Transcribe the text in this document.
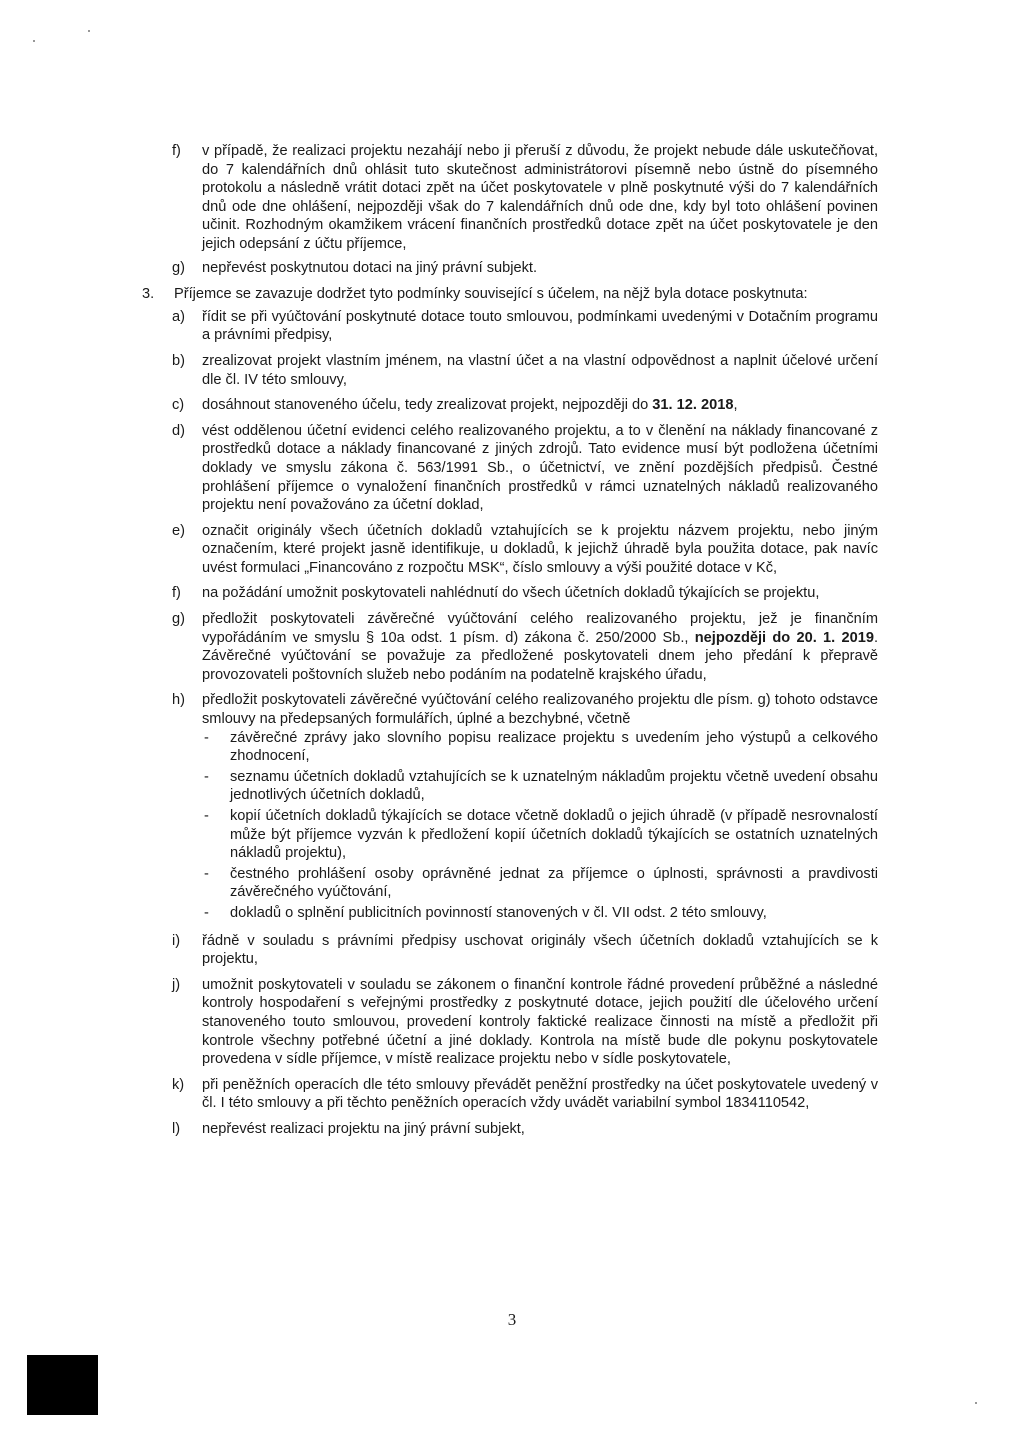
f)	v případě, že realizaci projektu nezahájí nebo ji přeruší z důvodu, že projekt nebude dále uskutečňovat, do 7 kalendářních dnů ohlásit tuto skutečnost administrátorovi písemně nebo ústně do písemného protokolu a následně vrátit dotaci zpět na účet poskytovatele v plně poskytnuté výši do 7 kalendářních dnů ode dne ohlášení, nejpozději však do 7 kalendářních dnů ode dne, kdy byl toto ohlášení povinen učinit. Rozhodným okamžikem vrácení finančních prostředků dotace zpět na účet poskytovatele je den jejich odepsání z účtu příjemce,
g)	nepřevést poskytnutou dotaci na jiný právní subjekt.
3.	Příjemce se zavazuje dodržet tyto podmínky související s účelem, na nějž byla dotace poskytnuta:
a)	řídit se při vyúčtování poskytnuté dotace touto smlouvou, podmínkami uvedenými v Dotačním programu a právními předpisy,
b)	zrealizovat projekt vlastním jménem, na vlastní účet a na vlastní odpovědnost a naplnit účelové určení dle čl. IV této smlouvy,
c)	dosáhnout stanoveného účelu, tedy zrealizovat projekt, nejpozději do 31. 12. 2018,
d)	vést oddělenou účetní evidenci celého realizovaného projektu, a to v členění na náklady financované z prostředků dotace a náklady financované z jiných zdrojů. Tato evidence musí být podložena účetními doklady ve smyslu zákona č. 563/1991 Sb., o účetnictví, ve znění pozdějších předpisů. Čestné prohlášení příjemce o vynaložení finančních prostředků v rámci uznatelných nákladů realizovaného projektu není považováno za účetní doklad,
e)	označit originály všech účetních dokladů vztahujících se k projektu názvem projektu, nebo jiným označením, které projekt jasně identifikuje, u dokladů, k jejichž úhradě byla použita dotace, pak navíc uvést formulaci „Financováno z rozpočtu MSK“, číslo smlouvy a výši použité dotace v Kč,
f)	na požádání umožnit poskytovateli nahlédnutí do všech účetních dokladů týkajících se projektu,
g)	předložit poskytovateli závěrečné vyúčtování celého realizovaného projektu, jež je finančním vypořádáním ve smyslu § 10a odst. 1 písm. d) zákona č. 250/2000 Sb., nejpozději do 20. 1. 2019. Závěrečné vyúčtování se považuje za předložené poskytovateli dnem jeho předání k přepravě provozovateli poštovních služeb nebo podáním na podatelně krajského úřadu,
h)	předložit poskytovateli závěrečné vyúčtování celého realizovaného projektu dle písm. g) tohoto odstavce smlouvy na předepsaných formulářích, úplné a bezchybné, včetně
-	závěrečné zprávy jako slovního popisu realizace projektu s uvedením jeho výstupů a celkového zhodnocení,
-	seznamu účetních dokladů vztahujících se k uznatelným nákladům projektu včetně uvedení obsahu jednotlivých účetních dokladů,
-	kopií účetních dokladů týkajících se dotace včetně dokladů o jejich úhradě (v případě nesrovnalostí může být příjemce vyzván k předložení kopií účetních dokladů týkajících se ostatních uznatelných nákladů projektu),
-	čestného prohlášení osoby oprávněné jednat za příjemce o úplnosti, správnosti a pravdivosti závěrečného vyúčtování,
-	dokladů o splnění publicitních povinností stanovených v čl. VII odst. 2 této smlouvy,
i)	řádně v souladu s právními předpisy uschovat originály všech účetních dokladů vztahujících se k projektu,
j)	umožnit poskytovateli v souladu se zákonem o finanční kontrole řádné provedení průběžné a následné kontroly hospodaření s veřejnými prostředky z poskytnuté dotace, jejich použití dle účelového určení stanoveného touto smlouvou, provedení kontroly faktické realizace činnosti na místě a předložit při kontrole všechny potřebné účetní a jiné doklady. Kontrola na místě bude dle pokynu poskytovatele provedena v sídle příjemce, v místě realizace projektu nebo v sídle poskytovatele,
k)	při peněžních operacích dle této smlouvy převádět peněžní prostředky na účet poskytovatele uvedený v čl. I této smlouvy a při těchto peněžních operacích vždy uvádět variabilní symbol 1834110542,
l)	nepřevést realizaci projektu na jiný právní subjekt,
3
